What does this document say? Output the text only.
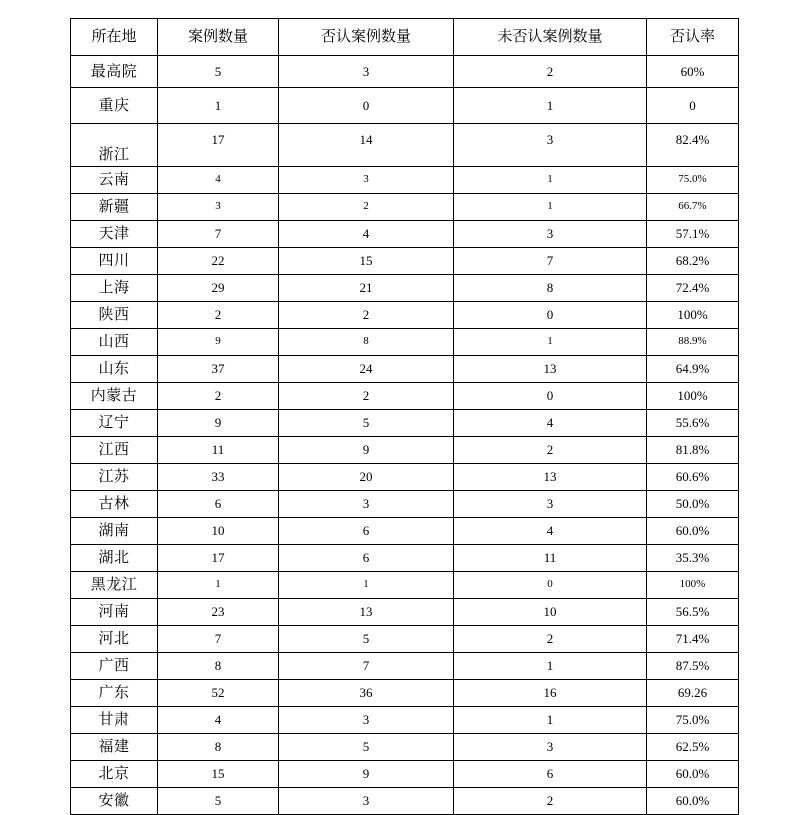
所在地	案例数量	否认案例数量	未否认案例数量	否认率
最高院	5	3	2	60%
重庆	1	0	1	0
浙江	17	14	3	82.4%
云南	4	3	1	75.0%
新疆	3	2	1	66.7%
天津	7	4	3	57.1%
四川	22	15	7	68.2%
上海	29	21	8	72.4%
陕西	2	2	0	100%
山西	9	8	1	88.9%
山东	37	24	13	64.9%
内蒙古	2	2	0	100%
辽宁	9	5	4	55.6%
江西	11	9	2	81.8%
江苏	33	20	13	60.6%
古林	6	3	3	50.0%
湖南	10	6	4	60.0%
湖北	17	6	11	35.3%
黑龙江	1	1	0	100%
河南	23	13	10	56.5%
河北	7	5	2	71.4%
广西	8	7	1	87.5%
广东	52	36	16	69.26
甘肃	4	3	1	75.0%
福建	8	5	3	62.5%
北京	15	9	6	60.0%
安徽	5	3	2	60.0%
